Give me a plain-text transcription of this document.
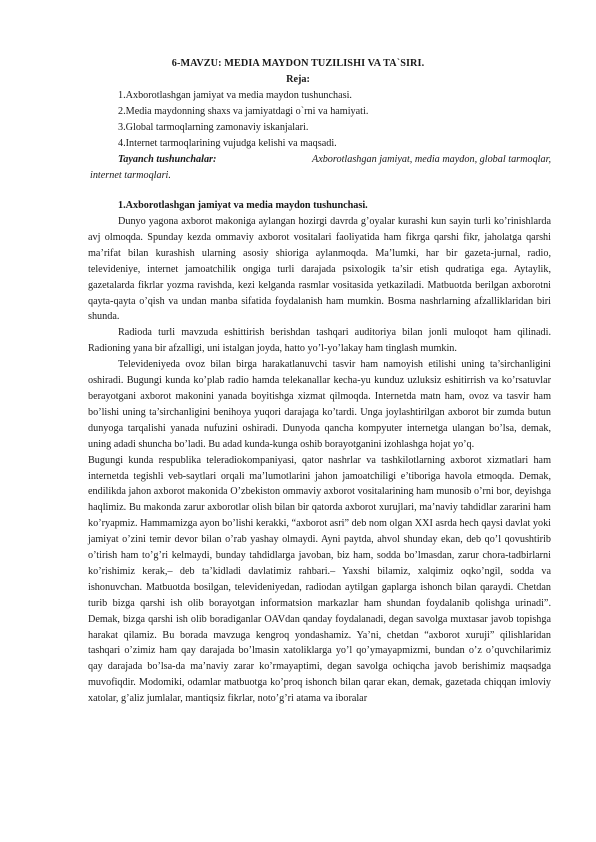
6-MAVZU: MEDIA MAYDON TUZILISHI VA TA`SIRI.
Reja:
1.Axborotlashgan jamiyat va media maydon tushunchasi.
2.Media maydonning shaxs va jamiyatdagi o`rni va hamiyati.
3.Global tarmoqlarning zamonaviy iskanjalari.
4.Internet tarmoqlarining vujudga kelishi va maqsadi.
Tayanch tushunchalar:	Axborotlashgan jamiyat, media maydon, global tarmoqlar,
internet tarmoqlari.
1.Axborotlashgan jamiyat va media maydon tushunchasi.

Dunyo yagona axborot makoniga aylangan hozirgi davrda g’oyalar kurashi kun sayin turli ko’rinishlarda avj olmoqda. Spunday kezda ommaviy axborot vositalari faoliyatida ham fikrga qarshi fikr, jaholatga qarshi ma’rifat bilan kurashish ularning asosiy shioriga aylanmoqda. Ma’lumki, har bir gazeta-jurnal, radio, televideniye, internet jamoatchilik ongiga turli darajada psixologik ta’sir etish qudratiga ega. Aytaylik, gazetalarda fikrlar yozma ravishda, kezi kelganda rasmlar vositasida yetkaziladi. Matbuotda berilgan axborotni qayta-qayta o’qish va undan manba sifatida foydalanish ham mumkin. Bosma nashrlarning afzalliklaridan biri shunda.

Radioda turli mavzuda eshittirish berishdan tashqari auditoriya bilan jonli muloqot ham qilinadi. Radioning yana bir afzalligi, uni istalgan joyda, hatto yo’l-yo’lakay ham tinglash mumkin.

Televideniyeda ovoz bilan birga harakatlanuvchi tasvir ham namoyish etilishi uning ta’sirchanligini oshiradi. Bugungi kunda ko’plab radio hamda telekanallar kecha-yu kunduz uzluksiz eshitirrish va ko’rsatuvlar berayotgani axborot makonini yanada boyitishga xizmat qilmoqda. Internetda matn ham, ovoz va tasvir ham bo’lishi uning ta’sirchanligini benihoya yuqori darajaga ko’tardi. Unga joylashtirilgan axborot bir zumda butun dunyoga tarqalishi yanada nufuzini oshiradi. Dunyoda qancha kompyuter internetga ulangan bo’lsa, demak, uning adadi shuncha bo’ladi. Bu adad kunda-kunga oshib borayotganini izohlashga hojat yo’q.

Bugungi kunda respublika teleradiokompaniyasi, qator nashrlar va tashkilotlarning axborot xizmatlari ham internetda tegishli veb-saytlari orqali ma’lumotlarini jahon jamoatchiligi e’tiboriga havola etmoqda. Demak, endilikda jahon axborot makonida O’zbekiston ommaviy axborot vositalarining ham munosib o’rni bor, deyishga haqlimiz. Bu makonda zarur axborotlar olish bilan bir qatorda axborot xurujlari, ma’naviy tahdidlar zararini ham ko’ryapmiz. Hammamizga ayon bo’lishi kerakki, “axborot asri” deb nom olgan XXI asrda hech qaysi davlat yoki jamiyat o’zini temir devor bilan o’rab yashay olmaydi. Ayni paytda, ahvol shunday ekan, deb qo’l qovushtirib o’tirish ham to’g’ri kelmaydi, bunday tahdidlarga javoban, biz ham, sodda bo’lmasdan, zarur chora-tadbirlarni ko’rishimiz kerak,– deb ta’kidladi davlatimiz rahbari.– Yaxshi bilamiz, xalqimiz oqko’ngil, sodda va ishonuvchan. Matbuotda bosilgan, televideniyedan, radiodan aytilgan gaplarga ishonch bilan qaraydi. Chetdan turib bizga qarshi ish olib borayotgan informatsion markazlar ham shundan foydalanib qolishga urinadi”. Demak, bizga qarshi ish olib boradiganlar OAVdan qanday foydalanadi, degan savolga muxtasar javob topishga harakat qilamiz. Bu borada mavzuga kengroq yondashamiz. Ya’ni, chetdan “axborot xuruji” qilishlaridan tashqari o’zimiz ham qay darajada bo’lmasin xatoliklarga yo’l qo’ymayapmizmi, bundan o’z o’quvchilarimiz qay darajada bo’lsa-da ma’naviy zarar ko’rmayaptimi, degan savolga ochiqcha javob berishimiz maqsadga muvofiqdir. Modomiki, odamlar matbuotga ko’proq ishonch bilan qarar ekan, demak, gazetada chiqqan imloviy xatolar, g’aliz jumlalar, mantiqsiz fikrlar, noto’g’ri atama va iboralar
